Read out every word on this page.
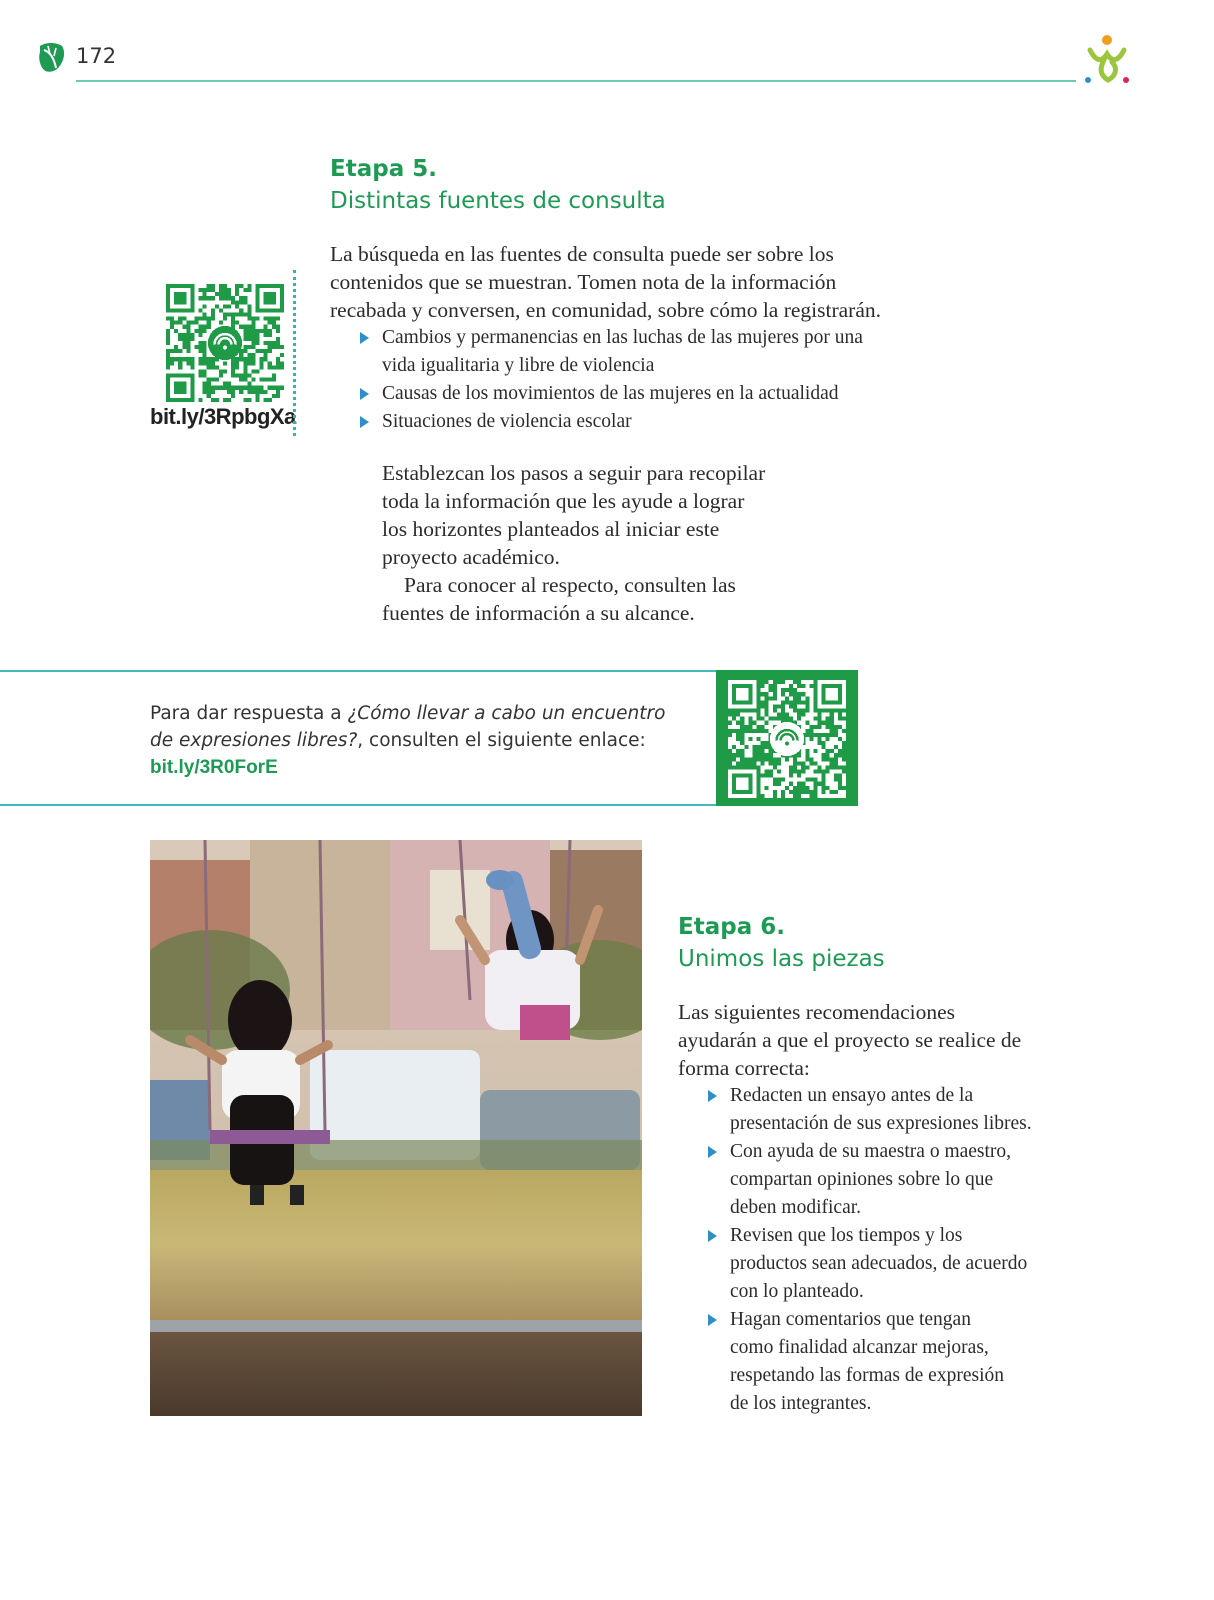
172
Etapa 5.
Distintas fuentes de consulta
La búsqueda en las fuentes de consulta puede ser sobre los
contenidos que se muestran. Tomen nota de la información
recabada y conversen, en comunidad, sobre cómo la registrarán.
Cambios y permanencias en las luchas de las mujeres por una
vida igualitaria y libre de violencia
Causas de los movimientos de las mujeres en la actualidad
Situaciones de violencia escolar
Establezcan los pasos a seguir para recopilar
toda la información que les ayude a lograr
los horizontes planteados al iniciar este
proyecto académico.
Para conocer al respecto, consulten las
fuentes de información a su alcance.
bit.ly/3RpbgXa
Para dar respuesta a ¿Cómo llevar a cabo un encuentro
de expresiones libres?, consulten el siguiente enlace:
bit.ly/3R0ForE
Etapa 6.
Unimos las piezas
Las siguientes recomendaciones
ayudarán a que el proyecto se realice de
forma correcta:
Redacten un ensayo antes de la
presentación de sus expresiones libres.
Con ayuda de su maestra o maestro,
compartan opiniones sobre lo que
deben modificar.
Revisen que los tiempos y los
productos sean adecuados, de acuerdo
con lo planteado.
Hagan comentarios que tengan
como finalidad alcanzar mejoras,
respetando las formas de expresión
de los integrantes.
